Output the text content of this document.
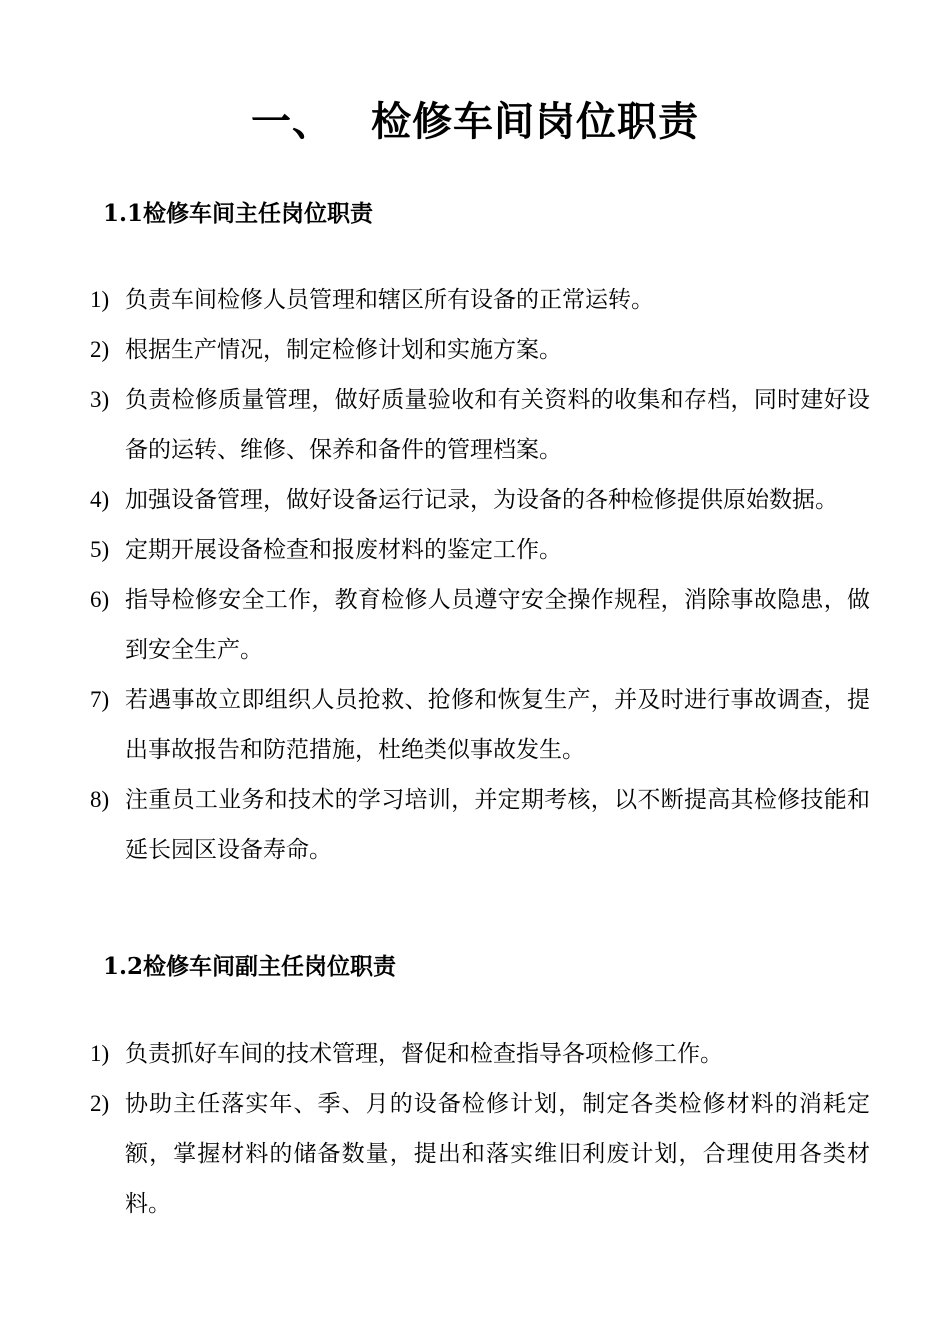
一、 检修车间岗位职责
1.1检修车间主任岗位职责
1) 负责车间检修人员管理和辖区所有设备的正常运转。
2) 根据生产情况，制定检修计划和实施方案。
3) 负责检修质量管理，做好质量验收和有关资料的收集和存档，同时建好设备的运转、维修、保养和备件的管理档案。
4) 加强设备管理，做好设备运行记录，为设备的各种检修提供原始数据。
5) 定期开展设备检查和报废材料的鉴定工作。
6) 指导检修安全工作，教育检修人员遵守安全操作规程，消除事故隐患，做到安全生产。
7) 若遇事故立即组织人员抢救、抢修和恢复生产，并及时进行事故调查，提出事故报告和防范措施，杜绝类似事故发生。
8) 注重员工业务和技术的学习培训，并定期考核，以不断提高其检修技能和延长园区设备寿命。
1.2检修车间副主任岗位职责
1) 负责抓好车间的技术管理，督促和检查指导各项检修工作。
2) 协助主任落实年、季、月的设备检修计划，制定各类检修材料的消耗定额，掌握材料的储备数量，提出和落实维旧利废计划，合理使用各类材料。
